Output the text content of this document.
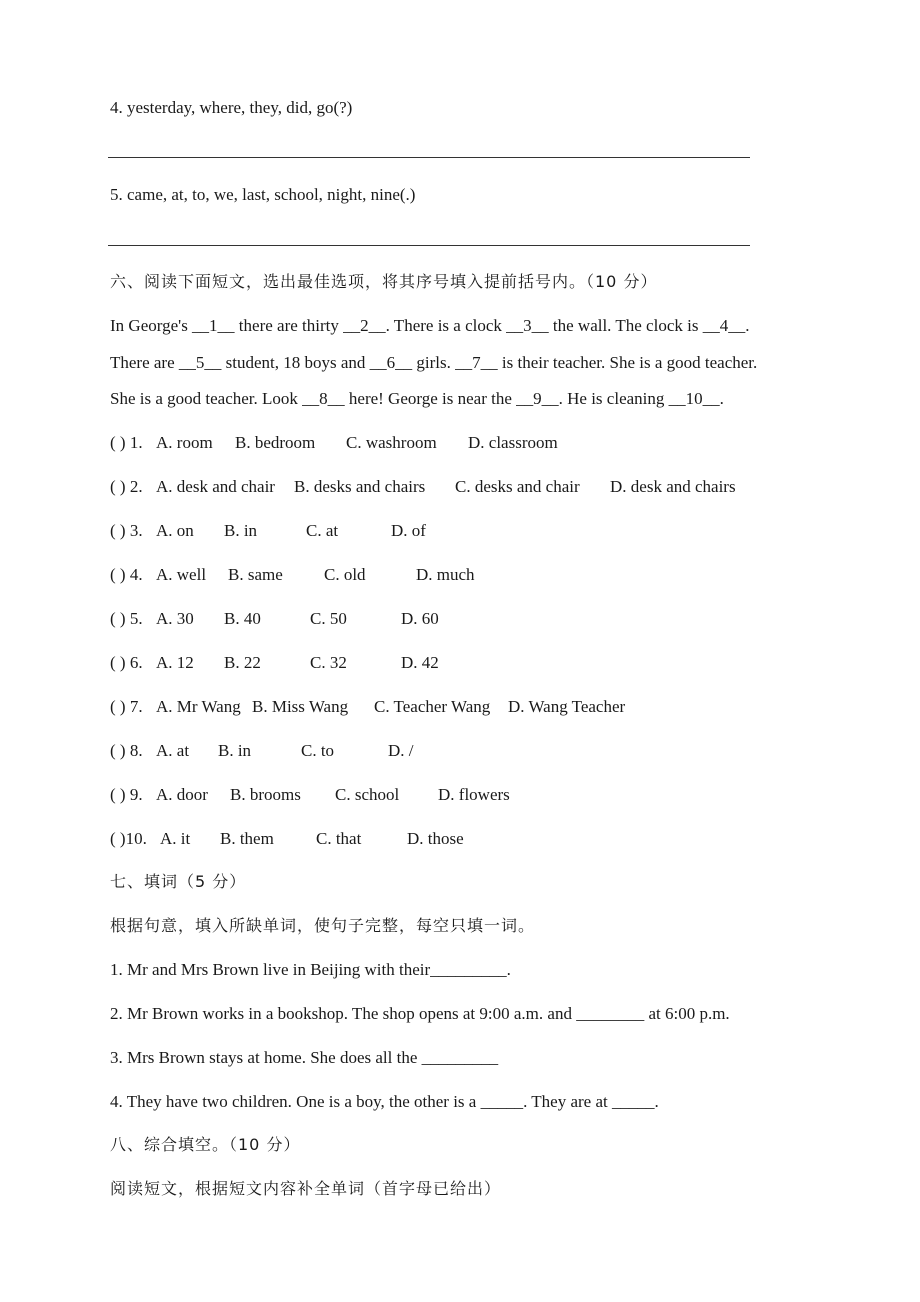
4. yesterday, where, they, did, go(?)
5. came, at, to, we, last, school, night, nine(.)
六、阅读下面短文，选出最佳选项，将其序号填入提前括号内。（10 分）
In George's __1__ there are thirty __2__. There is a clock __3__ the wall. The clock is __4__.
There are __5__ student, 18 boys and __6__ girls. __7__ is their teacher. She is a good teacher.
She is a good teacher. Look __8__ here! George is near the __9__. He is cleaning __10__.
( ) 1. A. room B. bedroom C. washroom D. classroom
( ) 2. A. desk and chair B. desks and chairs C. desks and chair D. desk and chairs
( ) 3. A. on B. in	C. at	D. of
( ) 4. A. well B. same C. old	D. much
( ) 5. A. 30 B. 40	C. 50	D. 60
( ) 6. A. 12 B. 22	C. 32	D. 42
( ) 7. A. Mr Wang B. Miss Wang C. Teacher Wang D. Wang Teacher
( ) 8. A. at B. in	C. to	D. /
( ) 9. A. door B. brooms C. school D. flowers
( )10. A. it B. them C. that	D. those
七、填词（5 分）
根据句意，填入所缺单词，使句子完整，每空只填一词。
1. Mr and Mrs Brown live in Beijing with their_________.
2. Mr Brown works in a bookshop. The shop opens at 9:00 a.m. and ________ at 6:00 p.m.
3. Mrs Brown stays at home. She does all the _________
4. They have two children. One is a boy, the other is a _____. They are at _____.
八、综合填空。（10 分）
阅读短文，根据短文内容补全单词（首字母已给出）
